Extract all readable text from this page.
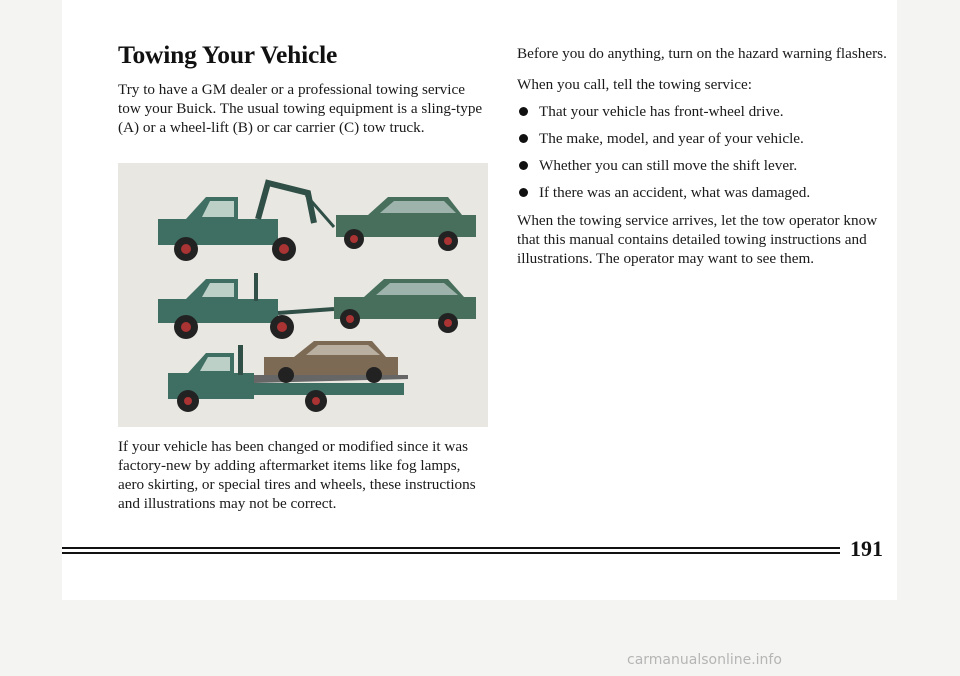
Towing Your Vehicle

Try to have a GM dealer or a professional towing service tow your Buick. The usual towing equipment is a sling-type (A) or a wheel-lift (B) or car carrier (C) tow truck.

If your vehicle has been changed or modified since it was factory-new by adding aftermarket items like fog lamps, aero skirting, or special tires and wheels, these instructions and illustrations may not be correct.

Before you do anything, turn on the hazard warning flashers.

When you call, tell the towing service:

That your vehicle has front-wheel drive.
The make, model, and year of your vehicle.
Whether you can still move the shift lever.
If there was an accident, what was damaged.

When the towing service arrives, let the tow operator know that this manual contains detailed towing instructions and illustrations. The operator may want to see them.

191
carmanualsonline.info
